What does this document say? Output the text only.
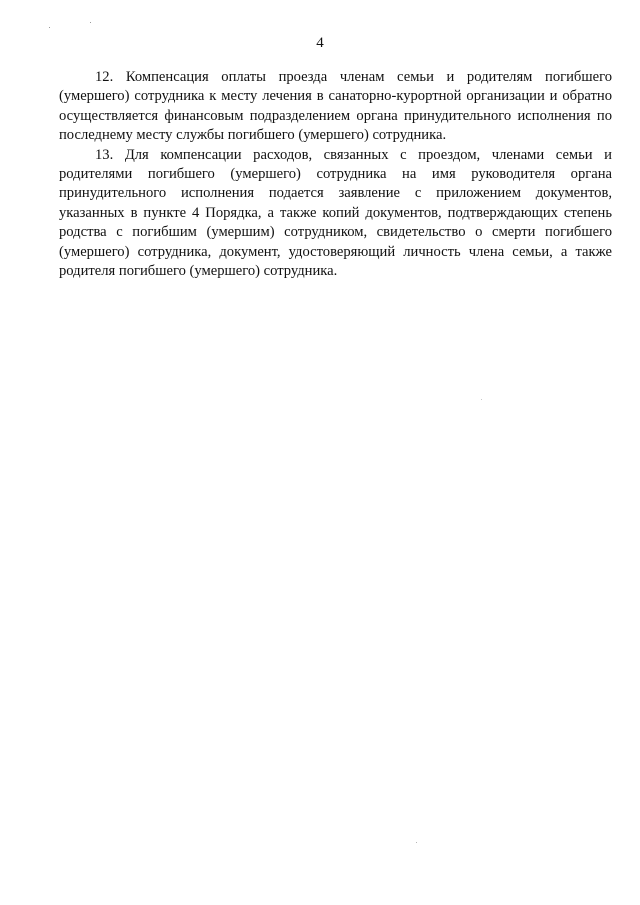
4

12. Компенсация оплаты проезда членам семьи и родителям погибшего (умершего) сотрудника к месту лечения в санаторно-курортной организации и обратно осуществляется финансовым подразделением органа принудительного исполнения по последнему месту службы погибшего (умершего) сотрудника.

13. Для компенсации расходов, связанных с проездом, членами семьи и родителями погибшего (умершего) сотрудника на имя руководителя органа принудительного исполнения подается заявление с приложением документов, указанных в пункте 4 Порядка, а также копий документов, подтверждающих степень родства с погибшим (умершим) сотрудником, свидетельство о смерти погибшего (умершего) сотрудника, документ, удостоверяющий личность члена семьи, а также родителя погибшего (умершего) сотрудника.
